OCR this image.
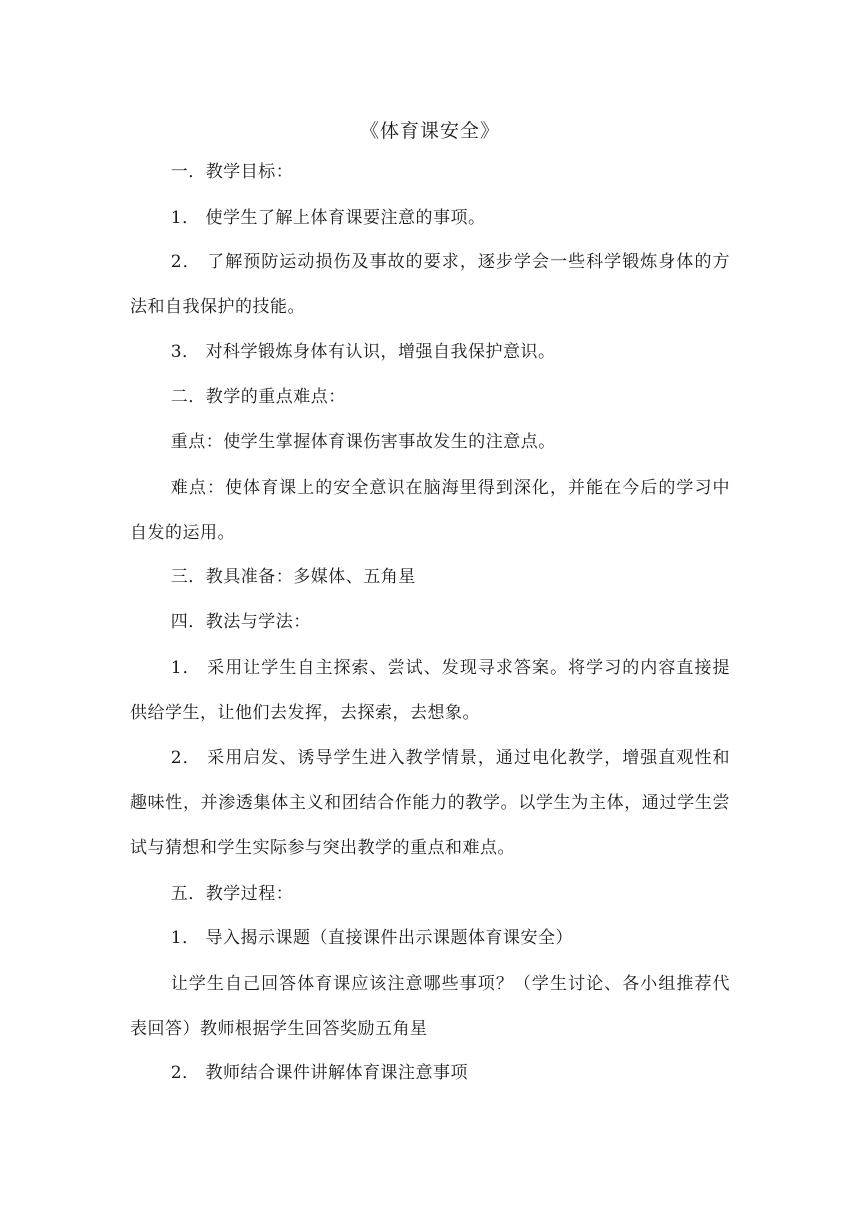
《体育课安全》
一．教学目标：
1． 使学生了解上体育课要注意的事项。
2． 了解预防运动损伤及事故的要求，逐步学会一些科学锻炼身体的方法和自我保护的技能。
3． 对科学锻炼身体有认识，增强自我保护意识。
二．教学的重点难点：
重点：使学生掌握体育课伤害事故发生的注意点。
难点：使体育课上的安全意识在脑海里得到深化，并能在今后的学习中自发的运用。
三．教具准备：多媒体、五角星
四．教法与学法：
1． 采用让学生自主探索、尝试、发现寻求答案。将学习的内容直接提供给学生，让他们去发挥，去探索，去想象。
2． 采用启发、诱导学生进入教学情景，通过电化教学，增强直观性和趣味性，并渗透集体主义和团结合作能力的教学。以学生为主体，通过学生尝试与猜想和学生实际参与突出教学的重点和难点。
五．教学过程：
1． 导入揭示课题（直接课件出示课题体育课安全）
让学生自己回答体育课应该注意哪些事项？（学生讨论、各小组推荐代表回答）教师根据学生回答奖励五角星
2． 教师结合课件讲解体育课注意事项
